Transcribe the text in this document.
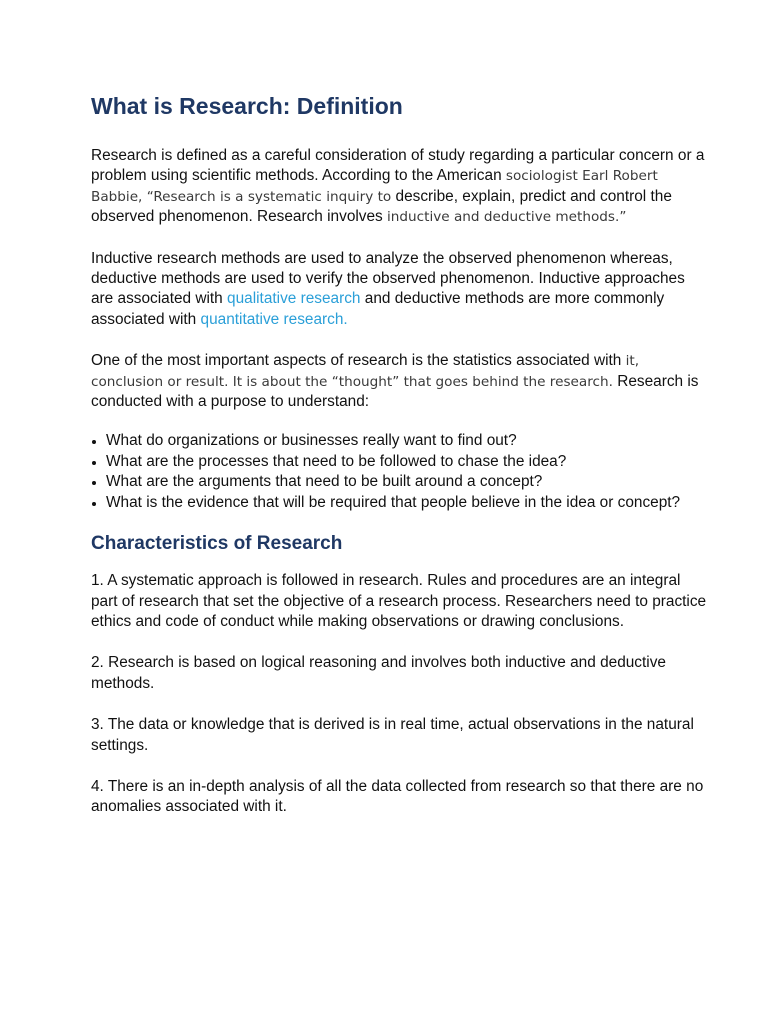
What is Research: Definition

Research is defined as a careful consideration of study regarding a particular concern or a problem using scientific methods. According to the American sociologist Earl Robert Babbie, “Research is a systematic inquiry to describe, explain, predict and control the observed phenomenon. Research involves inductive and deductive methods.”

Inductive research methods are used to analyze the observed phenomenon whereas, deductive methods are used to verify the observed phenomenon. Inductive approaches are associated with qualitative research and deductive methods are more commonly associated with quantitative research.

One of the most important aspects of research is the statistics associated with it, conclusion or result. It is about the “thought” that goes behind the research. Research is conducted with a purpose to understand:

• What do organizations or businesses really want to find out?
• What are the processes that need to be followed to chase the idea?
• What are the arguments that need to be built around a concept?
• What is the evidence that will be required that people believe in the idea or concept?
Characteristics of Research

1. A systematic approach is followed in research. Rules and procedures are an integral part of research that set the objective of a research process. Researchers need to practice ethics and code of conduct while making observations or drawing conclusions.

2. Research is based on logical reasoning and involves both inductive and deductive methods.

3. The data or knowledge that is derived is in real time, actual observations in the natural settings.

4. There is an in-depth analysis of all the data collected from research so that there are no anomalies associated with it.
